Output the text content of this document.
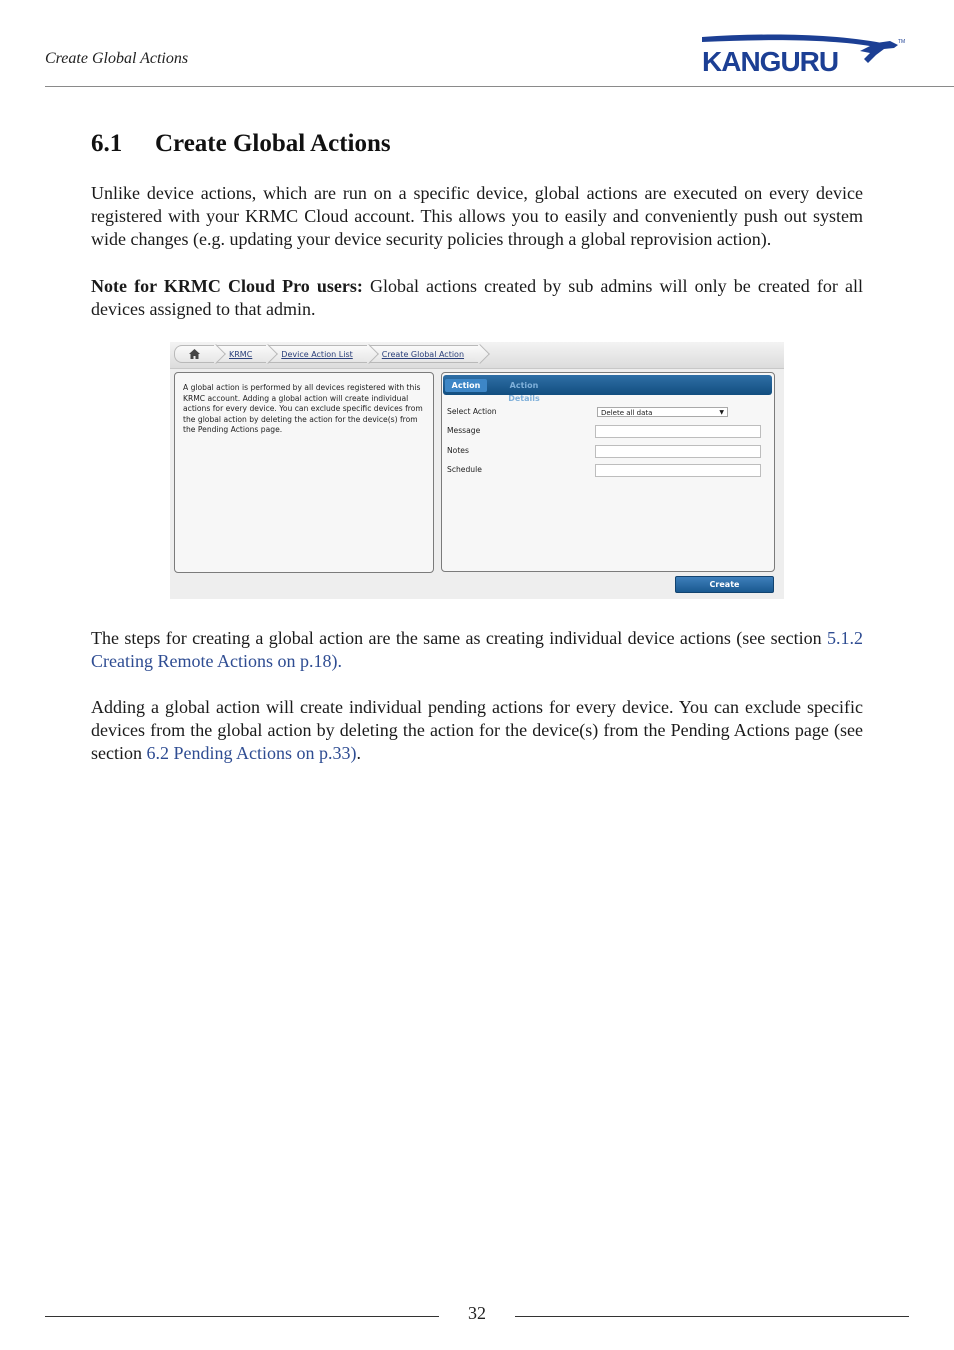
Create Global Actions	KANGURU
TM
6.1 Create Global Actions
Unlike device actions, which are run on a specific device, global actions are executed on every device registered with your KRMC Cloud account. This allows you to easily and conveniently push out system wide changes (e.g. updating your device security policies through a global reprovision action).
Note for KRMC Cloud Pro users: Global actions created by sub admins will only be created for all devices assigned to that admin.
KRMC	Device Action List	Create Global Action
A global action is performed by all devices registered with this KRMC account. Adding a global action will create individual actions for every device. You can exclude specific devices from the global action by deleting the action for the device(s) from the Pending Actions page.
Action	Action Details
Select Action	Delete all data	▼
Message
Notes
Schedule
Create
The steps for creating a global action are the same as creating individual device actions (see section 5.1.2 Creating Remote Actions on p.18).
Adding a global action will create individual pending actions for every device. You can exclude specific devices from the global action by deleting the action for the device(s) from the Pending Actions page (see section 6.2 Pending Actions on p.33).
32
